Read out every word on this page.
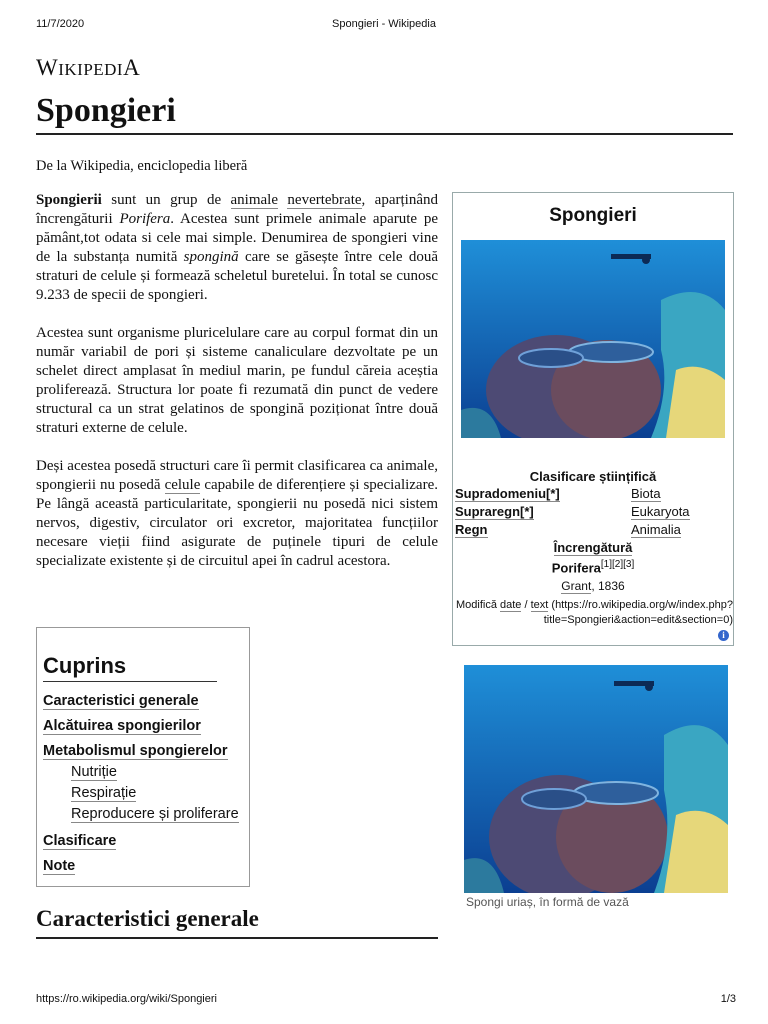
11/7/2020	Spongieri - Wikipedia
WIKIPEDIA
Spongieri
De la Wikipedia, enciclopedia liberă

Spongierii sunt un grup de animale nevertebrate, aparținând încrengăturii Porifera. Acestea sunt primele animale aparute pe pământ,tot odata si cele mai simple. Denumirea de spongieri vine de la substanța numită spongină care se găsește între cele două straturi de celule și formează scheletul buretelui. În total se cunosc 9.233 de specii de spongieri.

Acestea sunt organisme pluricelulare care au corpul format din un număr variabil de pori și sisteme canaliculare dezvoltate pe un schelet direct amplasat în mediul marin, pe fundul căreia aceștia proliferează. Structura lor poate fi rezumată din punct de vedere structural ca un strat gelatinos de spongină poziționat între două straturi externe de celule.

Deși acestea posedă structuri care îi permit clasificarea ca animale, spongierii nu posedă celule capabile de diferențiere și specializare. Pe lângă această particularitate, spongierii nu posedă nici sistem nervos, digestiv, circulator ori excretor, majoritatea funcțiilor necesare vieții fiind asigurate de puținele tipuri de celule specializate existente și de circuitul apei în cadrul acestora.

Spongieri
Clasificare științifică
Supradomeniu[*]	Biota
Supraregn[*]	Eukaryota
Regn	Animalia
Încrengătură
Porifera[1][2][3]
Grant, 1836
Modifică date / text (https://ro.wikipedia.org/w/index.php?
title=Spongieri&action=edit&section=0)
i
Cuprins
Caracteristici generale
Alcătuirea spongierilor
Metabolismul spongierelor
Nutriție
Respirație
Reproducere și proliferare
Clasificare
Note
Spongi uriaș, în formă de vază
Caracteristici generale
https://ro.wikipedia.org/wiki/Spongieri	1/3
